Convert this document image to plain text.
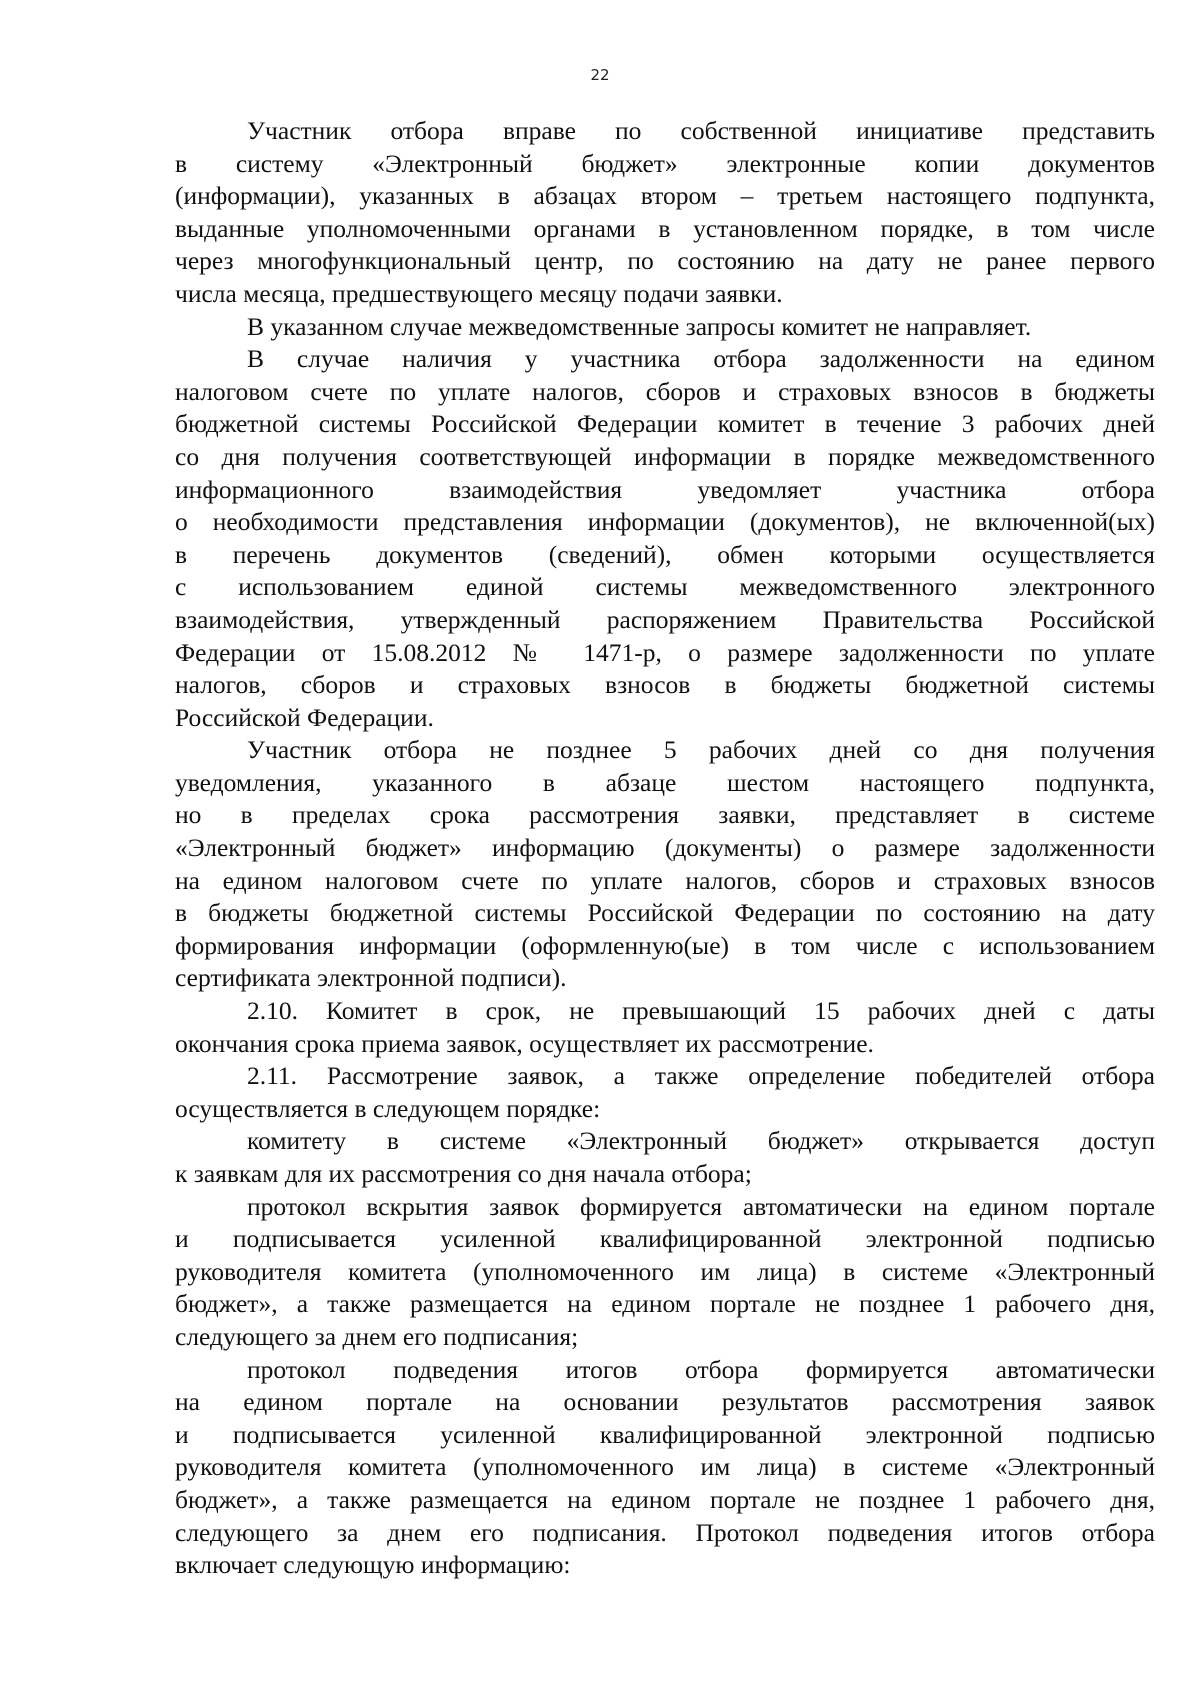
22
Участник отбора вправе по собственной инициативе представить
в систему «Электронный бюджет» электронные копии документов
(информации), указанных в абзацах втором – третьем настоящего подпункта,
выданные уполномоченными органами в установленном порядке, в том числе
через многофункциональный центр, по состоянию на дату не ранее первого
числа месяца, предшествующего месяцу подачи заявки.
В указанном случае межведомственные запросы комитет не направляет.
В случае наличия у участника отбора задолженности на едином
налоговом счете по уплате налогов, сборов и страховых взносов в бюджеты
бюджетной системы Российской Федерации комитет в течение 3 рабочих дней
со дня получения соответствующей информации в порядке межведомственного
информационного взаимодействия уведомляет участника отбора
о необходимости представления информации (документов), не включенной(ых)
в перечень документов (сведений), обмен которыми осуществляется
с использованием единой системы межведомственного электронного
взаимодействия, утвержденный распоряжением Правительства Российской
Федерации от 15.08.2012 № 1471-р, о размере задолженности по уплате
налогов, сборов и страховых взносов в бюджеты бюджетной системы
Российской Федерации.
Участник отбора не позднее 5 рабочих дней со дня получения
уведомления, указанного в абзаце шестом настоящего подпункта,
но в пределах срока рассмотрения заявки, представляет в системе
«Электронный бюджет» информацию (документы) о размере задолженности
на едином налоговом счете по уплате налогов, сборов и страховых взносов
в бюджеты бюджетной системы Российской Федерации по состоянию на дату
формирования информации (оформленную(ые) в том числе с использованием
сертификата электронной подписи).
2.10. Комитет в срок, не превышающий 15 рабочих дней с даты
окончания срока приема заявок, осуществляет их рассмотрение.
2.11. Рассмотрение заявок, а также определение победителей отбора
осуществляется в следующем порядке:
комитету в системе «Электронный бюджет» открывается доступ
к заявкам для их рассмотрения со дня начала отбора;
протокол вскрытия заявок формируется автоматически на едином портале
и подписывается усиленной квалифицированной электронной подписью
руководителя комитета (уполномоченного им лица) в системе «Электронный
бюджет», а также размещается на едином портале не позднее 1 рабочего дня,
следующего за днем его подписания;
протокол подведения итогов отбора формируется автоматически
на едином портале на основании результатов рассмотрения заявок
и подписывается усиленной квалифицированной электронной подписью
руководителя комитета (уполномоченного им лица) в системе «Электронный
бюджет», а также размещается на едином портале не позднее 1 рабочего дня,
следующего за днем его подписания. Протокол подведения итогов отбора
включает следующую информацию:
